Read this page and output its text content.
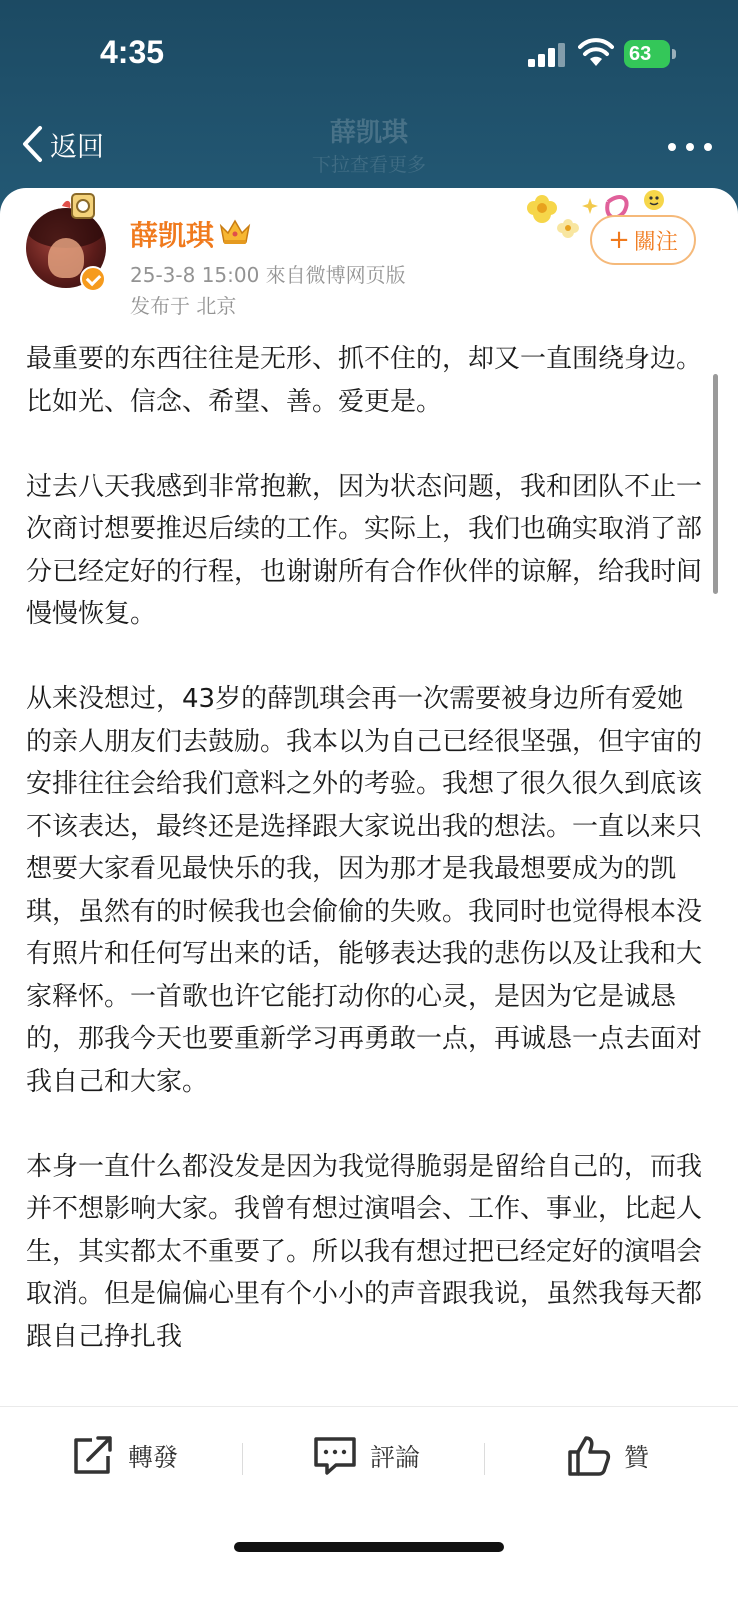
4:35	63
返回	薛凯琪
下拉查看更多
薛凯琪
25-3-8 15:00 來自微博网页版
发布于 北京
+ 關注

最重要的东西往往是无形、抓不住的，却又一直围绕身边。比如光、信念、希望、善。爱更是。

过去八天我感到非常抱歉，因为状态问题，我和团队不止一次商讨想要推迟后续的工作。实际上，我们也确实取消了部分已经定好的行程，也谢谢所有合作伙伴的谅解，给我时间慢慢恢复。

从来没想过，43岁的薛凯琪会再一次需要被身边所有爱她的亲人朋友们去鼓励。我本以为自己已经很坚强，但宇宙的安排往往会给我们意料之外的考验。我想了很久很久到底该不该表达，最终还是选择跟大家说出我的想法。一直以来只想要大家看见最快乐的我，因为那才是我最想要成为的凯琪，虽然有的时候我也会偷偷的失败。我同时也觉得根本没有照片和任何写出来的话，能够表达我的悲伤以及让我和大家释怀。一首歌也许它能打动你的心灵，是因为它是诚恳的，那我今天也要重新学习再勇敢一点，再诚恳一点去面对我自己和大家。

本身一直什么都没发是因为我觉得脆弱是留给自己的，而我并不想影响大家。我曾有想过演唱会、工作、事业，比起人生，其实都太不重要了。所以我有想过把已经定好的演唱会取消。但是偏偏心里有个小小的声音跟我说，虽然我每天都跟自己挣扎我

轉發	評論	贊
